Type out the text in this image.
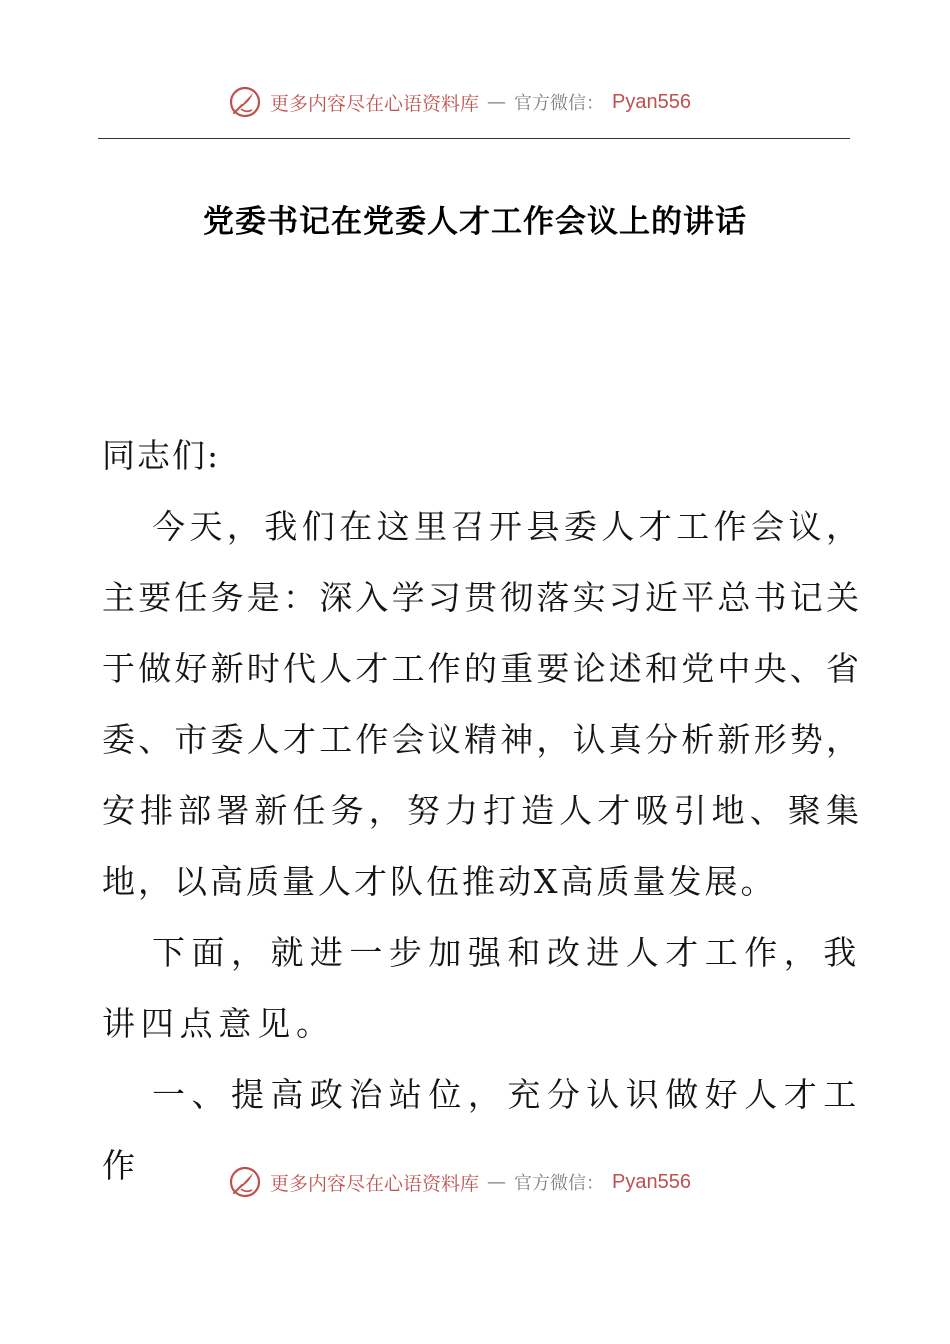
更多内容尽在心语资料库 — 官方微信： Pyan556
党委书记在党委人才工作会议上的讲话

同志们:

今天，我们在这里召开县委人才工作会议，主要任务是：深入学习贯彻落实习近平总书记关于做好新时代人才工作的重要论述和党中央、省委、市委人才工作会议精神，认真分析新形势，安排部署新任务，努力打造人才吸引地、聚集地，以高质量人才队伍推动X高质量发展。

下面，就进一步加强和改进人才工作，我讲四点意见。

一、提高政治站位，充分认识做好人才工作	更多内容尽在心语资料库 — 官方微信： Pyan556
